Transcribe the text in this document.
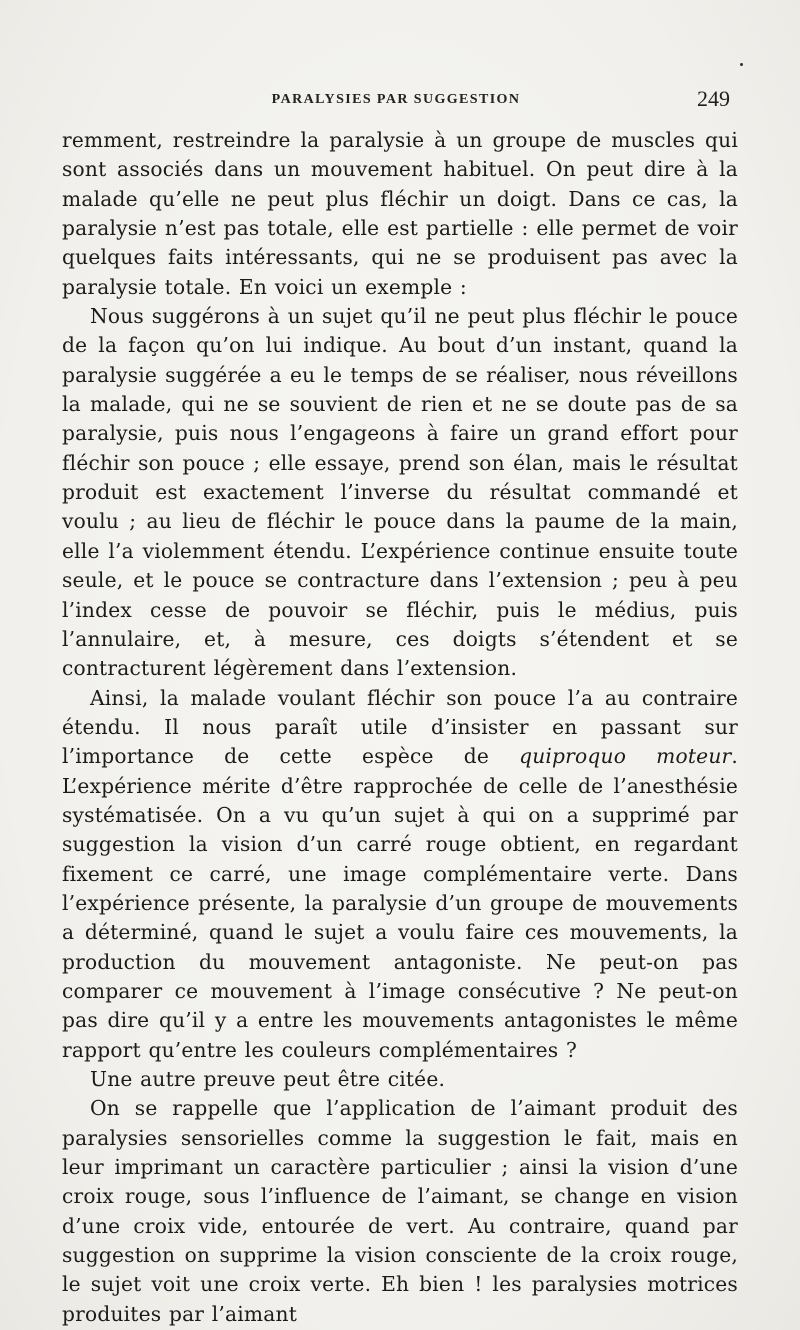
PARALYSIES PAR SUGGESTION	249

remment, restreindre la paralysie à un groupe de muscles qui sont associés dans un mouvement habituel. On peut dire à la malade qu’elle ne peut plus fléchir un doigt. Dans ce cas, la paralysie n’est pas totale, elle est partielle : elle permet de voir quelques faits intéressants, qui ne se produisent pas avec la paralysie totale. En voici un exemple :

Nous suggérons à un sujet qu’il ne peut plus fléchir le pouce de la façon qu’on lui indique. Au bout d’un instant, quand la paralysie suggérée a eu le temps de se réaliser, nous réveillons la malade, qui ne se souvient de rien et ne se doute pas de sa paralysie, puis nous l’engageons à faire un grand effort pour fléchir son pouce ; elle essaye, prend son élan, mais le résultat produit est exactement l’inverse du résultat commandé et voulu ; au lieu de fléchir le pouce dans la paume de la main, elle l’a violemment étendu. L’expérience continue ensuite toute seule, et le pouce se contracture dans l’extension ; peu à peu l’index cesse de pouvoir se fléchir, puis le médius, puis l’annulaire, et, à mesure, ces doigts s’étendent et se contracturent légèrement dans l’extension.

Ainsi, la malade voulant fléchir son pouce l’a au contraire étendu. Il nous paraît utile d’insister en passant sur l’importance de cette espèce de quiproquo moteur. L’expérience mérite d’être rapprochée de celle de l’anesthésie systématisée. On a vu qu’un sujet à qui on a supprimé par suggestion la vision d’un carré rouge obtient, en regardant fixement ce carré, une image complémentaire verte. Dans l’expérience présente, la paralysie d’un groupe de mouvements a déterminé, quand le sujet a voulu faire ces mouvements, la production du mouvement antagoniste. Ne peut-on pas comparer ce mouvement à l’image consécutive ? Ne peut-on pas dire qu’il y a entre les mouvements antagonistes le même rapport qu’entre les couleurs complémentaires ?

Une autre preuve peut être citée.

On se rappelle que l’application de l’aimant produit des paralysies sensorielles comme la suggestion le fait, mais en leur imprimant un caractère particulier ; ainsi la vision d’une croix rouge, sous l’influence de l’aimant, se change en vision d’une croix vide, entourée de vert. Au contraire, quand par suggestion on supprime la vision consciente de la croix rouge, le sujet voit une croix verte. Eh bien ! les paralysies motrices produites par l’aimant
